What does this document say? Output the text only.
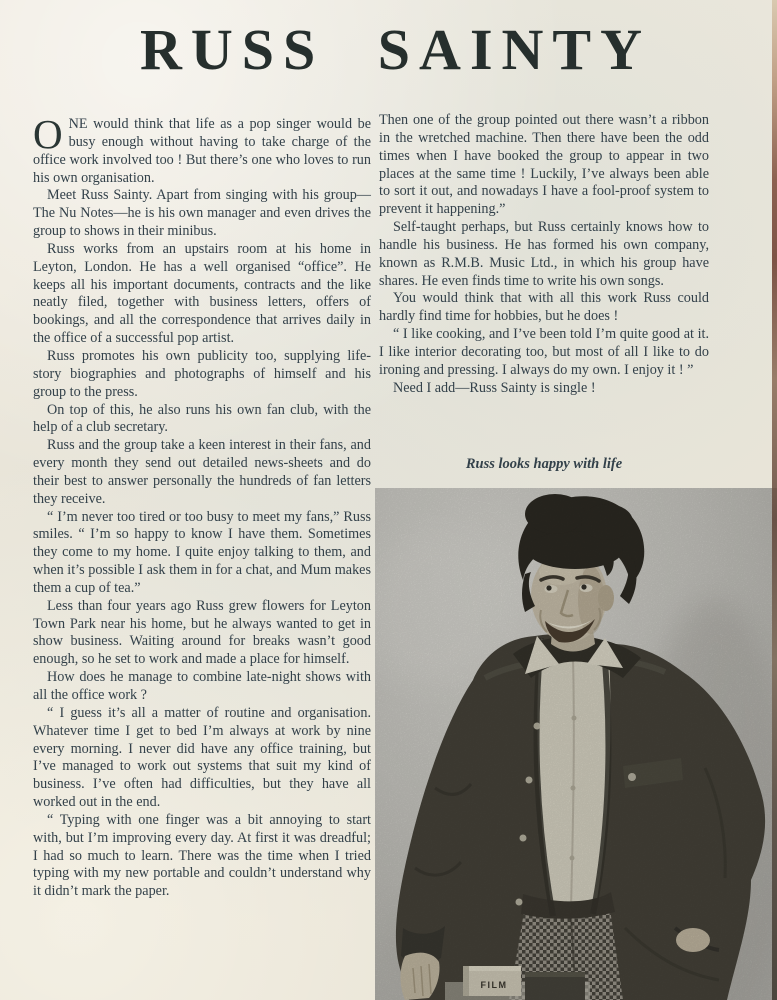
RUSS SAINTY

ONE would think that life as a pop singer would be busy enough without having to take charge of the office work involved too ! But there’s one who loves to run his own organisation.

Meet Russ Sainty. Apart from singing with his group—The Nu Notes—he is his own manager and even drives the group to shows in their minibus.

Russ works from an upstairs room at his home in Leyton, London. He has a well organised “office”. He keeps all his important documents, contracts and the like neatly filed, together with business letters, offers of bookings, and all the correspondence that arrives daily in the office of a successful pop artist.

Russ promotes his own publicity too, supplying life-story biographies and photographs of himself and his group to the press.

On top of this, he also runs his own fan club, with the help of a club secretary.

Russ and the group take a keen interest in their fans, and every month they send out detailed news-sheets and do their best to answer personally the hundreds of fan letters they receive.

“ I’m never too tired or too busy to meet my fans,” Russ smiles. “ I’m so happy to know I have them. Sometimes they come to my home. I quite enjoy talking to them, and when it’s possible I ask them in for a chat, and Mum makes them a cup of tea.”

Less than four years ago Russ grew flowers for Leyton Town Park near his home, but he always wanted to get in show business. Waiting around for breaks wasn’t good enough, so he set to work and made a place for himself.

How does he manage to combine late-night shows with all the office work ?

“ I guess it’s all a matter of routine and organisation. Whatever time I get to bed I’m always at work by nine every morning. I never did have any office training, but I’ve managed to work out systems that suit my kind of business. I’ve often had difficulties, but they have all worked out in the end.

“ Typing with one finger was a bit annoying to start with, but I’m improving every day. At first it was dreadful; I had so much to learn. There was the time when I tried typing with my new portable and couldn’t understand why it didn’t mark the paper.

Then one of the group pointed out there wasn’t a ribbon in the wretched machine. Then there have been the odd times when I have booked the group to appear in two places at the same time ! Luckily, I’ve always been able to sort it out, and nowadays I have a fool-proof system to prevent it happening.”

Self-taught perhaps, but Russ certainly knows how to handle his business. He has formed his own company, known as R.M.B. Music Ltd., in which his group have shares. He even finds time to write his own songs.

You would think that with all this work Russ could hardly find time for hobbies, but he does !

“ I like cooking, and I’ve been told I’m quite good at it. I like interior decorating too, but most of all I like to do ironing and pressing. I always do my own. I enjoy it ! ”

Need I add—Russ Sainty is single !

Russ looks happy with life
FILM
